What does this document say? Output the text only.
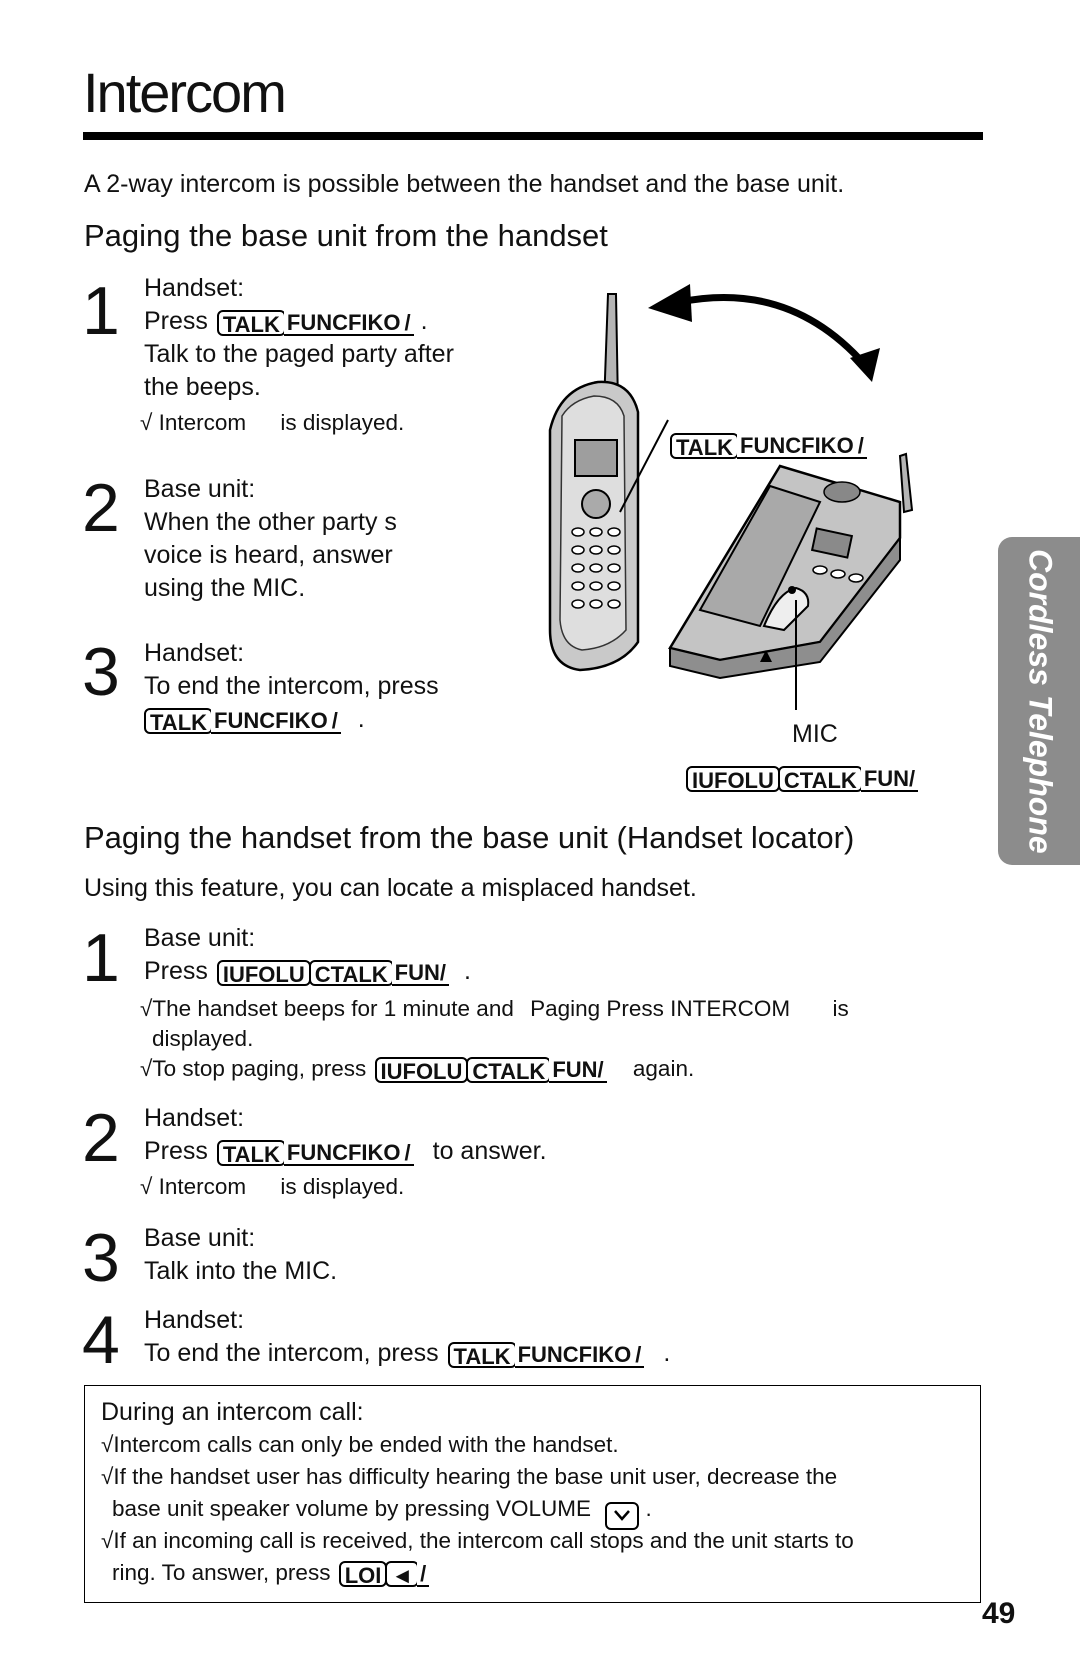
Intercom
A 2-way intercom is possible between the handset and the base unit.
Paging the base unit from the handset
1 Handset:
Press TALK FUNCFIKO / .
Talk to the paged party after
the beeps.
√ Intercom is displayed.
2 Base unit:
When the other party s
voice is heard, answer
using the MIC.
3 Handset:
To end the intercom, press
TALK FUNCFIKO / .
TALK FUNCFIKO /
MIC
IUFOLU CTALK FUN/	Cordless Telephone
Paging the handset from the base unit (Handset locator)
Using this feature, you can locate a misplaced handset.
1 Base unit:
Press IUFOLU CTALK FUN/ .
√The handset beeps for 1 minute and Paging Press INTERCOM is
displayed.
√To stop paging, press IUFOLU CTALK FUN/ again.
2 Handset:
Press TALK FUNCFIKO / to answer.
√ Intercom is displayed.
3 Base unit:
Talk into the MIC.
4 Handset:
To end the intercom, press TALK FUNCFIKO / .
During an intercom call:
√Intercom calls can only be ended with the handset.
√If the handset user has difficulty hearing the base unit user, decrease the
base unit speaker volume by pressing VOLUME .
√If an incoming call is received, the intercom call stops and the unit starts to
ring. To answer, press LOI ◄ /
49
